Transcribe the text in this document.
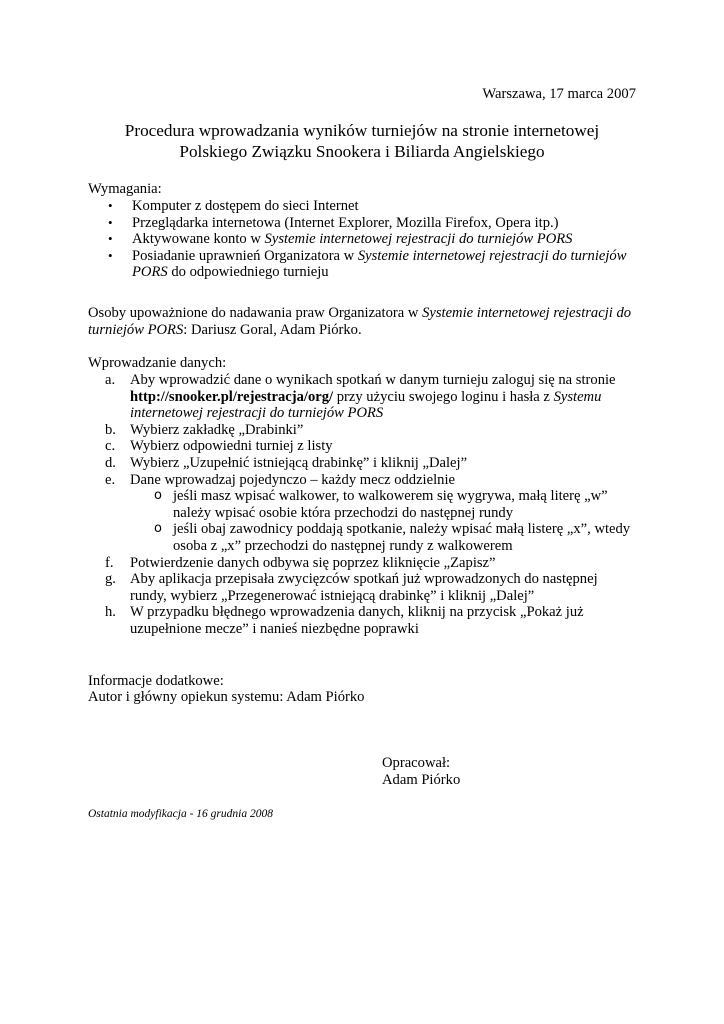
Warszawa, 17 marca 2007
Procedura wprowadzania wyników turniejów na stronie internetowej
Polskiego Związku Snookera i Biliarda Angielskiego
Wymagania:
• Komputer z dostępem do sieci Internet
• Przeglądarka internetowa (Internet Explorer, Mozilla Firefox, Opera itp.)
• Aktywowane konto w Systemie internetowej rejestracji do turniejów PORS
• Posiadanie uprawnień Organizatora w Systemie internetowej rejestracji do turniejów
PORS do odpowiedniego turnieju
Osoby upoważnione do nadawania praw Organizatora w Systemie internetowej rejestracji do
turniejów PORS: Dariusz Goral, Adam Piórko.
Wprowadzanie danych:
a. Aby wprowadzić dane o wynikach spotkań w danym turnieju zaloguj się na stronie
http://snooker.pl/rejestracja/org/ przy użyciu swojego loginu i hasła z Systemu
internetowej rejestracji do turniejów PORS
b. Wybierz zakładkę „Drabinki”
c. Wybierz odpowiedni turniej z listy
d. Wybierz „Uzupełnić istniejącą drabinkę” i kliknij „Dalej”
e. Dane wprowadzaj pojedynczo – każdy mecz oddzielnie
o jeśli masz wpisać walkower, to walkowerem się wygrywa, małą literę „w”
należy wpisać osobie która przechodzi do następnej rundy
o jeśli obaj zawodnicy poddają spotkanie, należy wpisać małą listerę „x”, wtedy
osoba z „x” przechodzi do następnej rundy z walkowerem
f. Potwierdzenie danych odbywa się poprzez kliknięcie „Zapisz”
g. Aby aplikacja przepisała zwycięzców spotkań już wprowadzonych do następnej
rundy, wybierz „Przegenerować istniejącą drabinkę” i kliknij „Dalej”
h. W przypadku błędnego wprowadzenia danych, kliknij na przycisk „Pokaż już
uzupełnione mecze” i nanieś niezbędne poprawki
Informacje dodatkowe:
Autor i główny opiekun systemu: Adam Piórko
Opracował:
Adam Piórko
Ostatnia modyfikacja - 16 grudnia 2008
